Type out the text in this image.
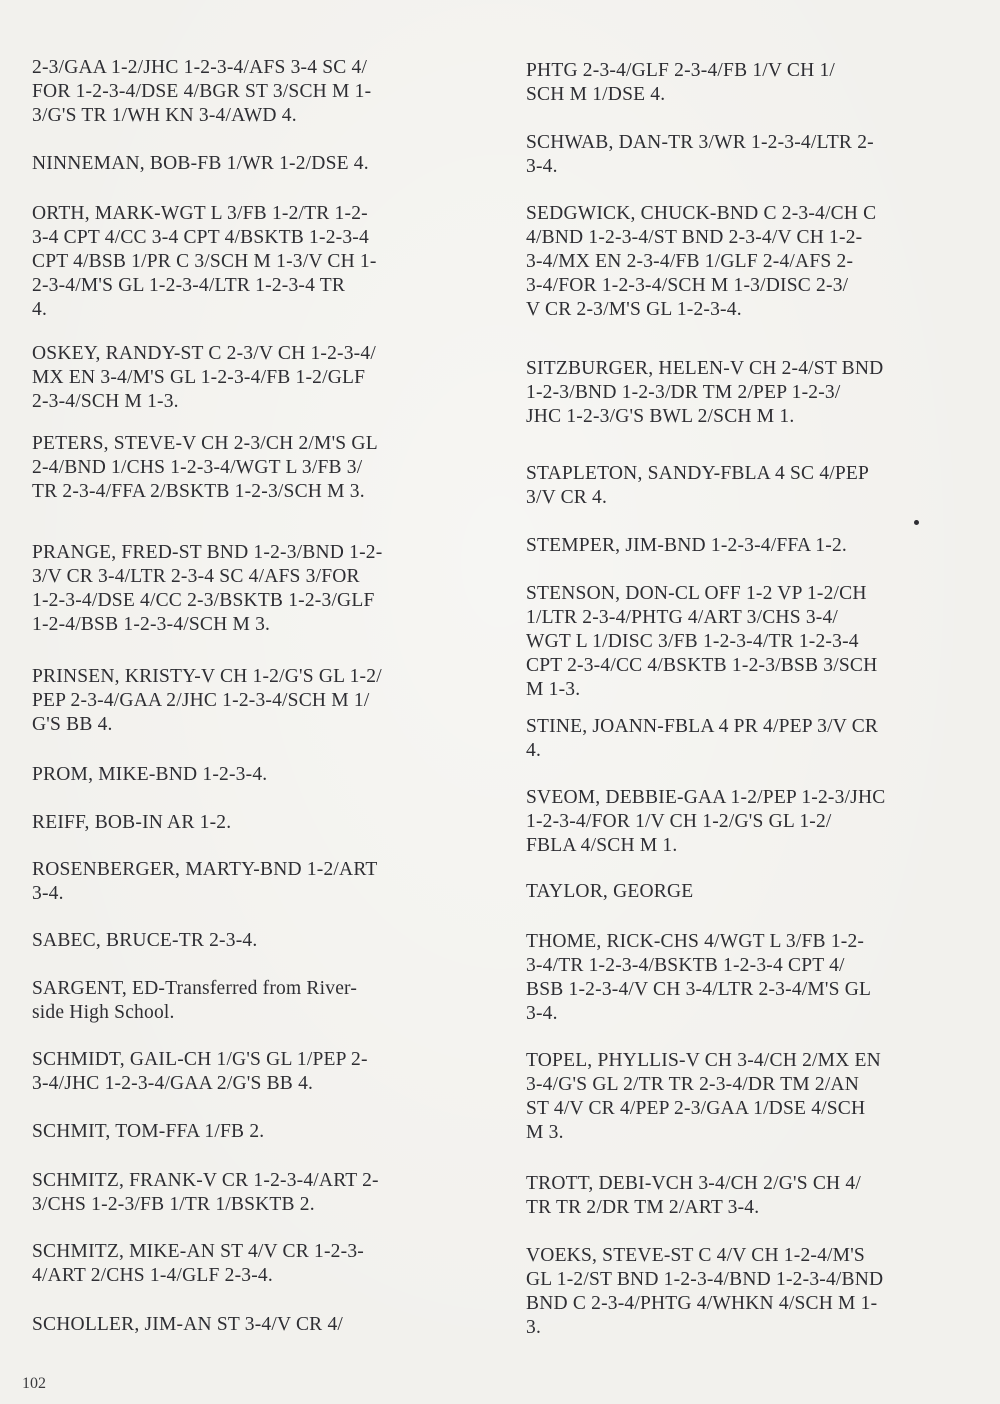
2-3/GAA 1-2/JHC 1-2-3-4/AFS 3-4 SC 4/
FOR 1-2-3-4/DSE 4/BGR ST 3/SCH M 1-
3/G'S TR 1/WH KN 3-4/AWD 4.
NINNEMAN, BOB-FB 1/WR 1-2/DSE 4.
ORTH, MARK-WGT L 3/FB 1-2/TR 1-2-
3-4 CPT 4/CC 3-4 CPT 4/BSKTB 1-2-3-4
CPT 4/BSB 1/PR C 3/SCH M 1-3/V CH 1-
2-3-4/M'S GL 1-2-3-4/LTR 1-2-3-4 TR
4.
OSKEY, RANDY-ST C 2-3/V CH 1-2-3-4/
MX EN 3-4/M'S GL 1-2-3-4/FB 1-2/GLF
2-3-4/SCH M 1-3.
PETERS, STEVE-V CH 2-3/CH 2/M'S GL
2-4/BND 1/CHS 1-2-3-4/WGT L 3/FB 3/
TR 2-3-4/FFA 2/BSKTB 1-2-3/SCH M 3.
PRANGE, FRED-ST BND 1-2-3/BND 1-2-
3/V CR 3-4/LTR 2-3-4 SC 4/AFS 3/FOR
1-2-3-4/DSE 4/CC 2-3/BSKTB 1-2-3/GLF
1-2-4/BSB 1-2-3-4/SCH M 3.
PRINSEN, KRISTY-V CH 1-2/G'S GL 1-2/
PEP 2-3-4/GAA 2/JHC 1-2-3-4/SCH M 1/
G'S BB 4.
PROM, MIKE-BND 1-2-3-4.
REIFF, BOB-IN AR 1-2.
ROSENBERGER, MARTY-BND 1-2/ART
3-4.
SABEC, BRUCE-TR 2-3-4.
SARGENT, ED-Transferred from River-
side High School.
SCHMIDT, GAIL-CH 1/G'S GL 1/PEP 2-
3-4/JHC 1-2-3-4/GAA 2/G'S BB 4.
SCHMIT, TOM-FFA 1/FB 2.
SCHMITZ, FRANK-V CR 1-2-3-4/ART 2-
3/CHS 1-2-3/FB 1/TR 1/BSKTB 2.
SCHMITZ, MIKE-AN ST 4/V CR 1-2-3-
4/ART 2/CHS 1-4/GLF 2-3-4.
SCHOLLER, JIM-AN ST 3-4/V CR 4/
PHTG 2-3-4/GLF 2-3-4/FB 1/V CH 1/
SCH M 1/DSE 4.
SCHWAB, DAN-TR 3/WR 1-2-3-4/LTR 2-
3-4.
SEDGWICK, CHUCK-BND C 2-3-4/CH C
4/BND 1-2-3-4/ST BND 2-3-4/V CH 1-2-
3-4/MX EN 2-3-4/FB 1/GLF 2-4/AFS 2-
3-4/FOR 1-2-3-4/SCH M 1-3/DISC 2-3/
V CR 2-3/M'S GL 1-2-3-4.
SITZBURGER, HELEN-V CH 2-4/ST BND
1-2-3/BND 1-2-3/DR TM 2/PEP 1-2-3/
JHC 1-2-3/G'S BWL 2/SCH M 1.
STAPLETON, SANDY-FBLA 4 SC 4/PEP
3/V CR 4.
STEMPER, JIM-BND 1-2-3-4/FFA 1-2.
STENSON, DON-CL OFF 1-2 VP 1-2/CH
1/LTR 2-3-4/PHTG 4/ART 3/CHS 3-4/
WGT L 1/DISC 3/FB 1-2-3-4/TR 1-2-3-4
CPT 2-3-4/CC 4/BSKTB 1-2-3/BSB 3/SCH
M 1-3.
STINE, JOANN-FBLA 4 PR 4/PEP 3/V CR
4.
SVEOM, DEBBIE-GAA 1-2/PEP 1-2-3/JHC
1-2-3-4/FOR 1/V CH 1-2/G'S GL 1-2/
FBLA 4/SCH M 1.
TAYLOR, GEORGE
THOME, RICK-CHS 4/WGT L 3/FB 1-2-
3-4/TR 1-2-3-4/BSKTB 1-2-3-4 CPT 4/
BSB 1-2-3-4/V CH 3-4/LTR 2-3-4/M'S GL
3-4.
TOPEL, PHYLLIS-V CH 3-4/CH 2/MX EN
3-4/G'S GL 2/TR TR 2-3-4/DR TM 2/AN
ST 4/V CR 4/PEP 2-3/GAA 1/DSE 4/SCH
M 3.
TROTT, DEBI-VCH 3-4/CH 2/G'S CH 4/
TR TR 2/DR TM 2/ART 3-4.
VOEKS, STEVE-ST C 4/V CH 1-2-4/M'S
GL 1-2/ST BND 1-2-3-4/BND 1-2-3-4/BND
BND C 2-3-4/PHTG 4/WHKN 4/SCH M 1-
3.
102
